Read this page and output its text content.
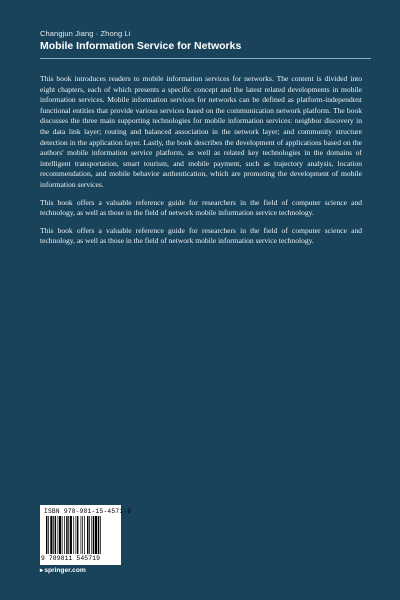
Changjun Jiang · Zhong Li
Mobile Information Service for Networks

This book introduces readers to mobile information services for networks. The content is divided into eight chapters, each of which presents a specific concept and the latest related developments in mobile information services. Mobile information services for networks can be defined as platform-independent functional entities that provide various services based on the communication network platform. The book discusses the three main supporting technologies for mobile information services: neighbor discovery in the data link layer; routing and balanced association in the network layer; and community structure detection in the application layer. Lastly, the book describes the development of applications based on the authors' mobile information service platform, as well as related key technologies in the domains of intelligent transportation, smart tourism, and mobile payment, such as trajectory analysis, location recommendation, and mobile behavior authentication, which are promoting the development of mobile information services.

This book offers a valuable reference guide for researchers in the field of computer science and technology, as well as those in the field of network mobile information service technology.

This book offers a valuable reference guide for researchers in the field of computer science and technology, as well as those in the field of network mobile information service technology.

ISBN 978-981-15-4571-9
9 789811 545719
▸springer.com
